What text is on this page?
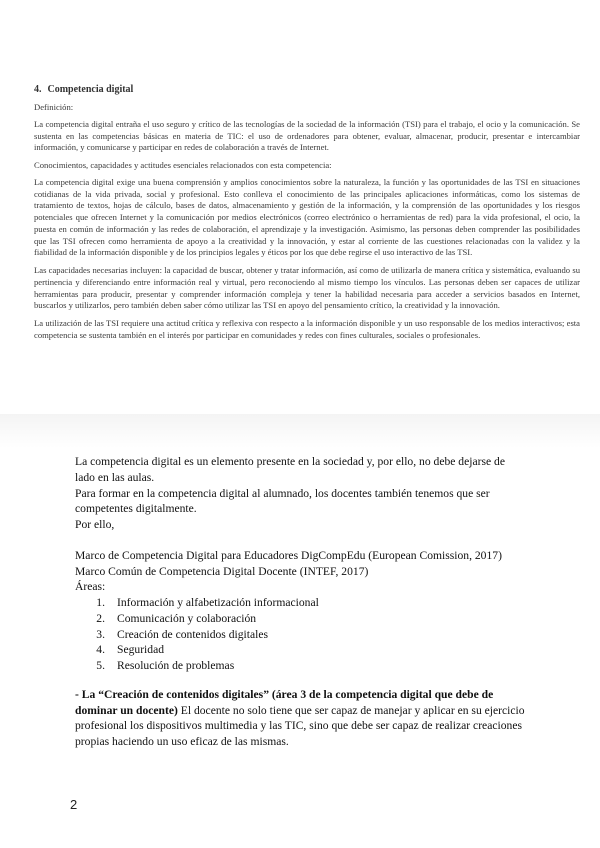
4. Competencia digital

Definición:

La competencia digital entraña el uso seguro y crítico de las tecnologías de la sociedad de la información (TSI) para el trabajo, el ocio y la comunicación. Se sustenta en las competencias básicas en materia de TIC: el uso de ordenadores para obtener, evaluar, almacenar, producir, presentar e intercambiar información, y comunicarse y participar en redes de colaboración a través de Internet.

Conocimientos, capacidades y actitudes esenciales relacionados con esta competencia:

La competencia digital exige una buena comprensión y amplios conocimientos sobre la naturaleza, la función y las oportunidades de las TSI en situaciones cotidianas de la vida privada, social y profesional. Esto conlleva el conocimiento de las principales aplicaciones informáticas, como los sistemas de tratamiento de textos, hojas de cálculo, bases de datos, almacenamiento y gestión de la información, y la comprensión de las oportunidades y los riesgos potenciales que ofrecen Internet y la comunicación por medios electrónicos (correo electrónico o herramientas de red) para la vida profesional, el ocio, la puesta en común de información y las redes de colaboración, el aprendizaje y la investigación. Asimismo, las personas deben comprender las posibilidades que las TSI ofrecen como herramienta de apoyo a la creatividad y la innovación, y estar al corriente de las cuestiones relacionadas con la validez y la fiabilidad de la información disponible y de los principios legales y éticos por los que debe regirse el uso interactivo de las TSI.

Las capacidades necesarias incluyen: la capacidad de buscar, obtener y tratar información, así como de utilizarla de manera crítica y sistemática, evaluando su pertinencia y diferenciando entre información real y virtual, pero reconociendo al mismo tiempo los vínculos. Las personas deben ser capaces de utilizar herramientas para producir, presentar y comprender información compleja y tener la habilidad necesaria para acceder a servicios basados en Internet, buscarlos y utilizarlos, pero también deben saber cómo utilizar las TSI en apoyo del pensamiento crítico, la creatividad y la innovación.

La utilización de las TSI requiere una actitud crítica y reflexiva con respecto a la información disponible y un uso responsable de los medios interactivos; esta competencia se sustenta también en el interés por participar en comunidades y redes con fines culturales, sociales o profesionales.

La competencia digital es un elemento presente en la sociedad y, por ello, no debe dejarse de lado en las aulas.

Para formar en la competencia digital al alumnado, los docentes también tenemos que ser competentes digitalmente.

Por ello,

Marco de Competencia Digital para Educadores DigCompEdu (European Comission, 2017)

Marco Común de Competencia Digital Docente (INTEF, 2017)

Áreas:

1.	Información y alfabetización informacional
2.	Comunicación y colaboración
3.	Creación de contenidos digitales
4.	Seguridad
5.	Resolución de problemas

- La “Creación de contenidos digitales” (área 3 de la competencia digital que debe de dominar un docente) El docente no solo tiene que ser capaz de manejar y aplicar en su ejercicio profesional los dispositivos multimedia y las TIC, sino que debe ser capaz de realizar creaciones propias haciendo un uso eficaz de las mismas.

2
